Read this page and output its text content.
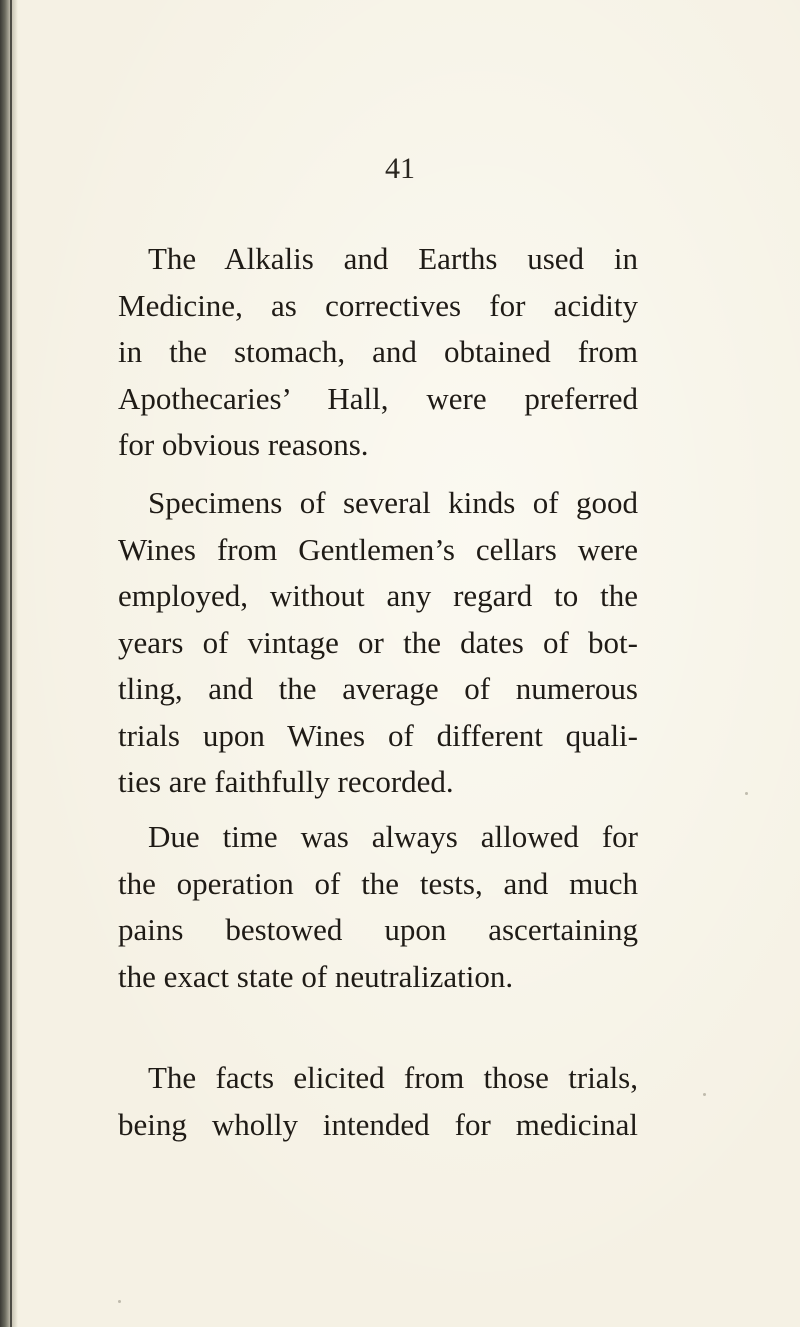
41
The Alkalis and Earths used in
Medicine, as correctives for acidity
in the stomach, and obtained from
Apothecaries’ Hall, were preferred
for obvious reasons.
Specimens of several kinds of good
Wines from Gentlemen’s cellars were
employed, without any regard to the
years of vintage or the dates of bot-
tling, and the average of numerous
trials upon Wines of different quali-
ties are faithfully recorded.
Due time was always allowed for
the operation of the tests, and much
pains bestowed upon ascertaining
the exact state of neutralization.
The facts elicited from those trials,
being wholly intended for medicinal
